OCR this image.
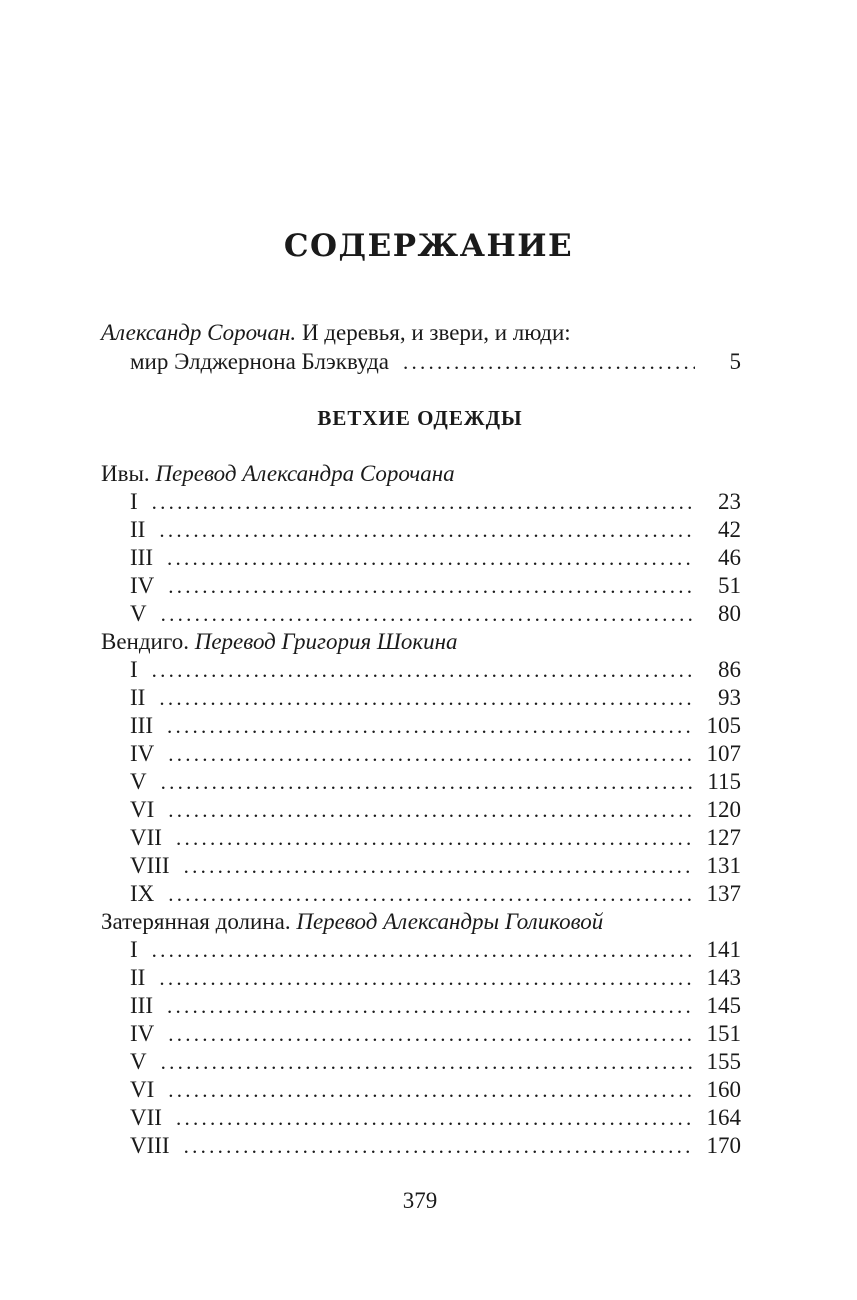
СОДЕРЖАНИЕ
Александр Сорочан. И деревья, и звери, и люди:
мир Элджернона Блэквуда . . .	5
ВЕТХИЕ ОДЕЖДЫ
Ивы. Перевод Александра Сорочана
I . . .	23
II . . .	42
III . . .	46
IV . . .	51
V . . .	80
Вендиго. Перевод Григория Шокина
I . . .	86
II . . .	93
III . . .	105
IV . . .	107
V . . .	115
VI . . .	120
VII . . .	127
VIII . . .	131
IX . . .	137
Затерянная долина. Перевод Александры Голиковой
I . . .	141
II . . .	143
III . . .	145
IV . . .	151
V . . .	155
VI . . .	160
VII . . .	164
VIII . . .	170
379
